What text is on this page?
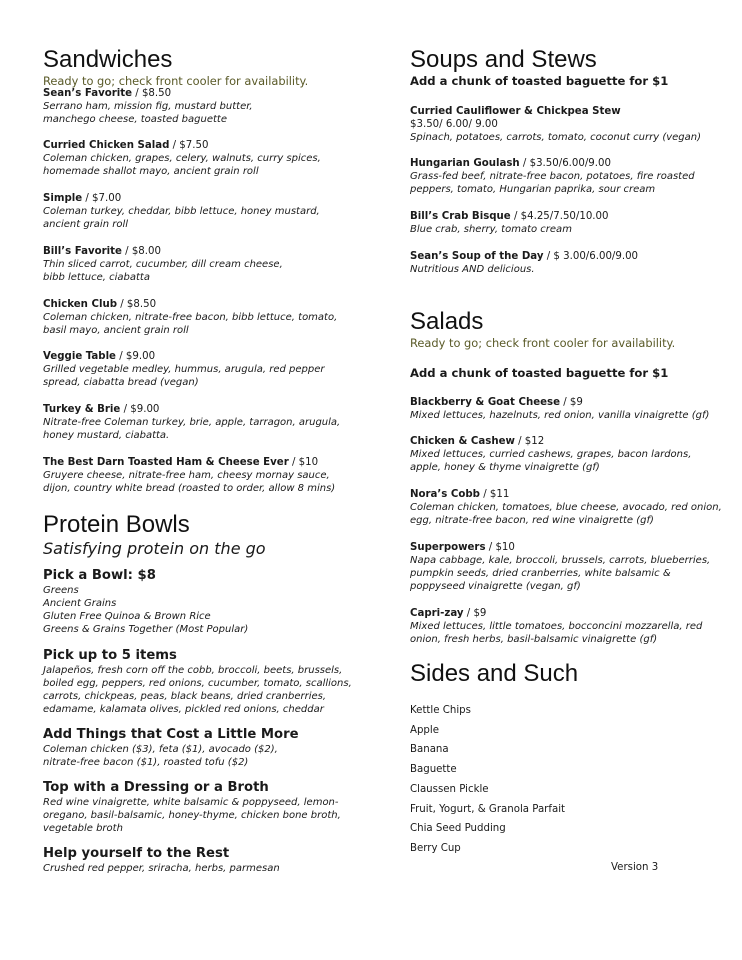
Sandwiches
Ready to go; check front cooler for availability.
Sean’s Favorite / $8.50
Serrano ham, mission fig, mustard butter,
manchego cheese, toasted baguette
Curried Chicken Salad / $7.50
Coleman chicken, grapes, celery, walnuts, curry spices,
homemade shallot mayo, ancient grain roll
Simple / $7.00
Coleman turkey, cheddar, bibb lettuce, honey mustard,
ancient grain roll
Bill’s Favorite / $8.00
Thin sliced carrot, cucumber, dill cream cheese,
bibb lettuce, ciabatta
Chicken Club / $8.50
Coleman chicken, nitrate-free bacon, bibb lettuce, tomato,
basil mayo, ancient grain roll
Veggie Table / $9.00
Grilled vegetable medley, hummus, arugula, red pepper
spread, ciabatta bread (vegan)
Turkey & Brie / $9.00
Nitrate-free Coleman turkey, brie, apple, tarragon, arugula,
honey mustard, ciabatta.
The Best Darn Toasted Ham & Cheese Ever / $10
Gruyere cheese, nitrate-free ham, cheesy mornay sauce,
dijon, country white bread (roasted to order, allow 8 mins)
Protein Bowls
Satisfying protein on the go
Pick a Bowl: $8
Greens
Ancient Grains
Gluten Free Quinoa & Brown Rice
Greens & Grains Together (Most Popular)
Pick up to 5 items
Jalapeños, fresh corn off the cobb, broccoli, beets, brussels,
boiled egg, peppers, red onions, cucumber, tomato, scallions,
carrots, chickpeas, peas, black beans, dried cranberries,
edamame, kalamata olives, pickled red onions, cheddar
Add Things that Cost a Little More
Coleman chicken ($3), feta ($1), avocado ($2),
nitrate-free bacon ($1), roasted tofu ($2)
Top with a Dressing or a Broth
Red wine vinaigrette, white balsamic & poppyseed, lemon-
oregano, basil-balsamic, honey-thyme, chicken bone broth,
vegetable broth
Help yourself to the Rest
Crushed red pepper, sriracha, herbs, parmesan
Soups and Stews
Add a chunk of toasted baguette for $1
Curried Cauliflower & Chickpea Stew
$3.50/ 6.00/ 9.00
Spinach, potatoes, carrots, tomato, coconut curry (vegan)
Hungarian Goulash / $3.50/6.00/9.00
Grass-fed beef, nitrate-free bacon, potatoes, fire roasted
peppers, tomato, Hungarian paprika, sour cream
Bill’s Crab Bisque / $4.25/7.50/10.00
Blue crab, sherry, tomato cream
Sean’s Soup of the Day / $ 3.00/6.00/9.00
Nutritious AND delicious.
Salads
Ready to go; check front cooler for availability.
Add a chunk of toasted baguette for $1
Blackberry & Goat Cheese / $9
Mixed lettuces, hazelnuts, red onion, vanilla vinaigrette (gf)
Chicken & Cashew / $12
Mixed lettuces, curried cashews, grapes, bacon lardons,
apple, honey & thyme vinaigrette (gf)
Nora’s Cobb / $11
Coleman chicken, tomatoes, blue cheese, avocado, red onion,
egg, nitrate-free bacon, red wine vinaigrette (gf)
Superpowers / $10
Napa cabbage, kale, broccoli, brussels, carrots, blueberries,
pumpkin seeds, dried cranberries, white balsamic &
poppyseed vinaigrette (vegan, gf)
Capri-zay / $9
Mixed lettuces, little tomatoes, bocconcini mozzarella, red
onion, fresh herbs, basil-balsamic vinaigrette (gf)
Sides and Such
Kettle Chips
Apple
Banana
Baguette
Claussen Pickle
Fruit, Yogurt, & Granola Parfait
Chia Seed Pudding
Berry Cup
Version 3
